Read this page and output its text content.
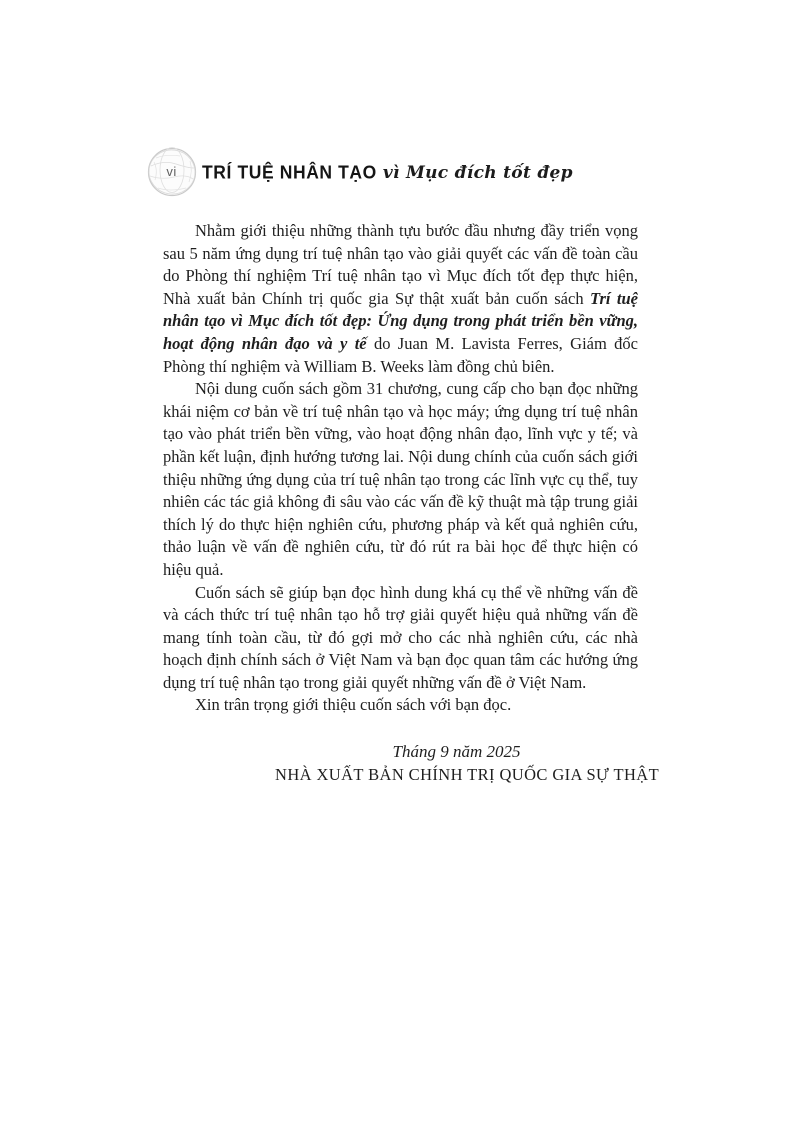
vi TRÍ TUỆ NHÂN TẠO vì Mục đích tốt đẹp

Nhằm giới thiệu những thành tựu bước đầu nhưng đầy triển vọng sau 5 năm ứng dụng trí tuệ nhân tạo vào giải quyết các vấn đề toàn cầu do Phòng thí nghiệm Trí tuệ nhân tạo vì Mục đích tốt đẹp thực hiện, Nhà xuất bản Chính trị quốc gia Sự thật xuất bản cuốn sách Trí tuệ nhân tạo vì Mục đích tốt đẹp: Ứng dụng trong phát triển bền vững, hoạt động nhân đạo và y tế do Juan M. Lavista Ferres, Giám đốc Phòng thí nghiệm và William B. Weeks làm đồng chủ biên.

Nội dung cuốn sách gồm 31 chương, cung cấp cho bạn đọc những khái niệm cơ bản về trí tuệ nhân tạo và học máy; ứng dụng trí tuệ nhân tạo vào phát triển bền vững, vào hoạt động nhân đạo, lĩnh vực y tế; và phần kết luận, định hướng tương lai. Nội dung chính của cuốn sách giới thiệu những ứng dụng của trí tuệ nhân tạo trong các lĩnh vực cụ thể, tuy nhiên các tác giả không đi sâu vào các vấn đề kỹ thuật mà tập trung giải thích lý do thực hiện nghiên cứu, phương pháp và kết quả nghiên cứu, thảo luận về vấn đề nghiên cứu, từ đó rút ra bài học để thực hiện có hiệu quả.

Cuốn sách sẽ giúp bạn đọc hình dung khá cụ thể về những vấn đề và cách thức trí tuệ nhân tạo hỗ trợ giải quyết hiệu quả những vấn đề mang tính toàn cầu, từ đó gợi mở cho các nhà nghiên cứu, các nhà hoạch định chính sách ở Việt Nam và bạn đọc quan tâm các hướng ứng dụng trí tuệ nhân tạo trong giải quyết những vấn đề ở Việt Nam.

Xin trân trọng giới thiệu cuốn sách với bạn đọc.

Tháng 9 năm 2025
NHÀ XUẤT BẢN CHÍNH TRỊ QUỐC GIA SỰ THẬT
